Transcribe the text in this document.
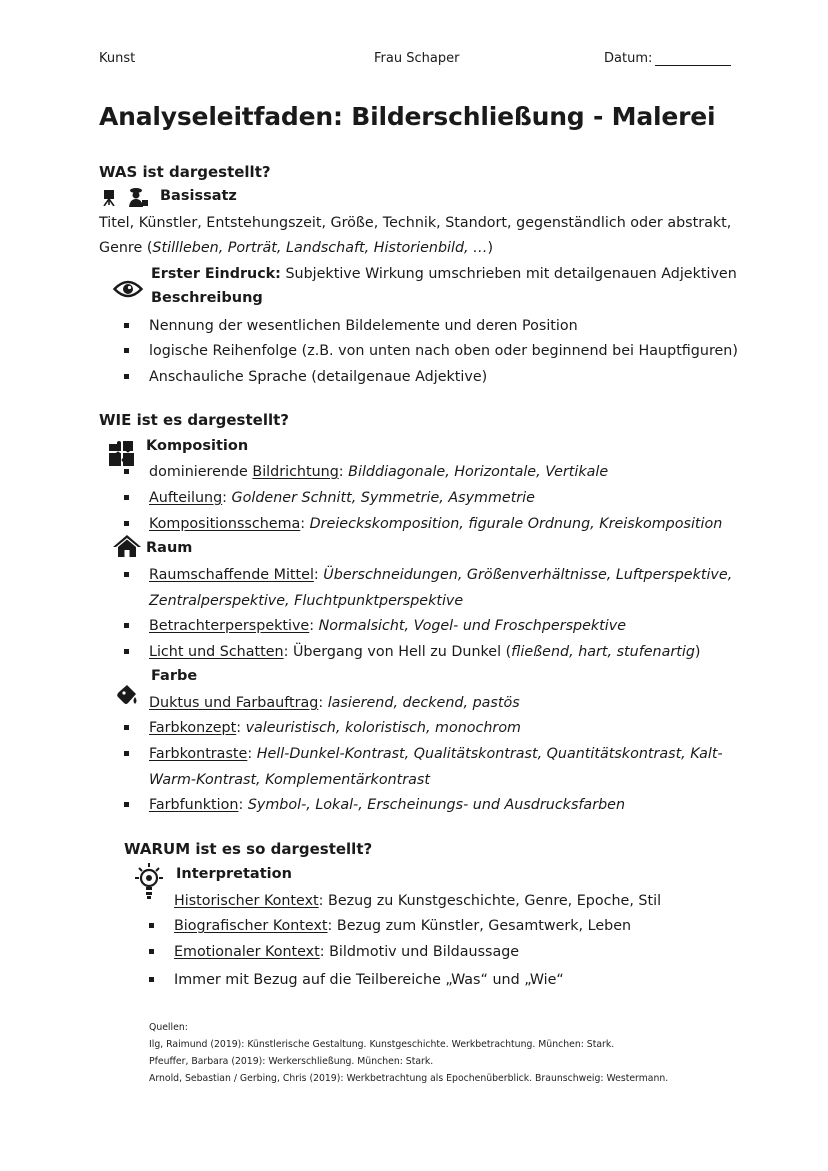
Kunst	Frau Schaper	Datum:
Analyseleitfaden: Bilderschließung - Malerei
WAS ist dargestellt?
Basissatz
Titel, Künstler, Entstehungszeit, Größe, Technik, Standort, gegenständlich oder abstrakt,
Genre (Stillleben, Porträt, Landschaft, Historienbild, …)
Erster Eindruck: Subjektive Wirkung umschrieben mit detailgenauen Adjektiven
Beschreibung
Nennung der wesentlichen Bildelemente und deren Position
logische Reihenfolge (z.B. von unten nach oben oder beginnend bei Hauptfiguren)
Anschauliche Sprache (detailgenaue Adjektive)
WIE ist es dargestellt?
Komposition
dominierende Bildrichtung: Bilddiagonale, Horizontale, Vertikale
Aufteilung: Goldener Schnitt, Symmetrie, Asymmetrie
Kompositionsschema: Dreieckskomposition, figurale Ordnung, Kreiskomposition
Raum
Raumschaffende Mittel: Überschneidungen, Größenverhältnisse, Luftperspektive,
Zentralperspektive, Fluchtpunktperspektive
Betrachterperspektive: Normalsicht, Vogel- und Froschperspektive
Licht und Schatten: Übergang von Hell zu Dunkel (fließend, hart, stufenartig)
Farbe
Duktus und Farbauftrag: lasierend, deckend, pastös
Farbkonzept: valeuristisch, koloristisch, monochrom
Farbkontraste: Hell-Dunkel-Kontrast, Qualitätskontrast, Quantitätskontrast, Kalt-
Warm-Kontrast, Komplementärkontrast
Farbfunktion: Symbol-, Lokal-, Erscheinungs- und Ausdrucksfarben
WARUM ist es so dargestellt?
Interpretation
Historischer Kontext: Bezug zu Kunstgeschichte, Genre, Epoche, Stil
Biografischer Kontext: Bezug zum Künstler, Gesamtwerk, Leben
Emotionaler Kontext: Bildmotiv und Bildaussage
Immer mit Bezug auf die Teilbereiche „Was“ und „Wie“
Quellen:
Ilg, Raimund (2019): Künstlerische Gestaltung. Kunstgeschichte. Werkbetrachtung. München: Stark.
Pfeuffer, Barbara (2019): Werkerschließung. München: Stark.
Arnold, Sebastian / Gerbing, Chris (2019): Werkbetrachtung als Epochenüberblick. Braunschweig: Westermann.
